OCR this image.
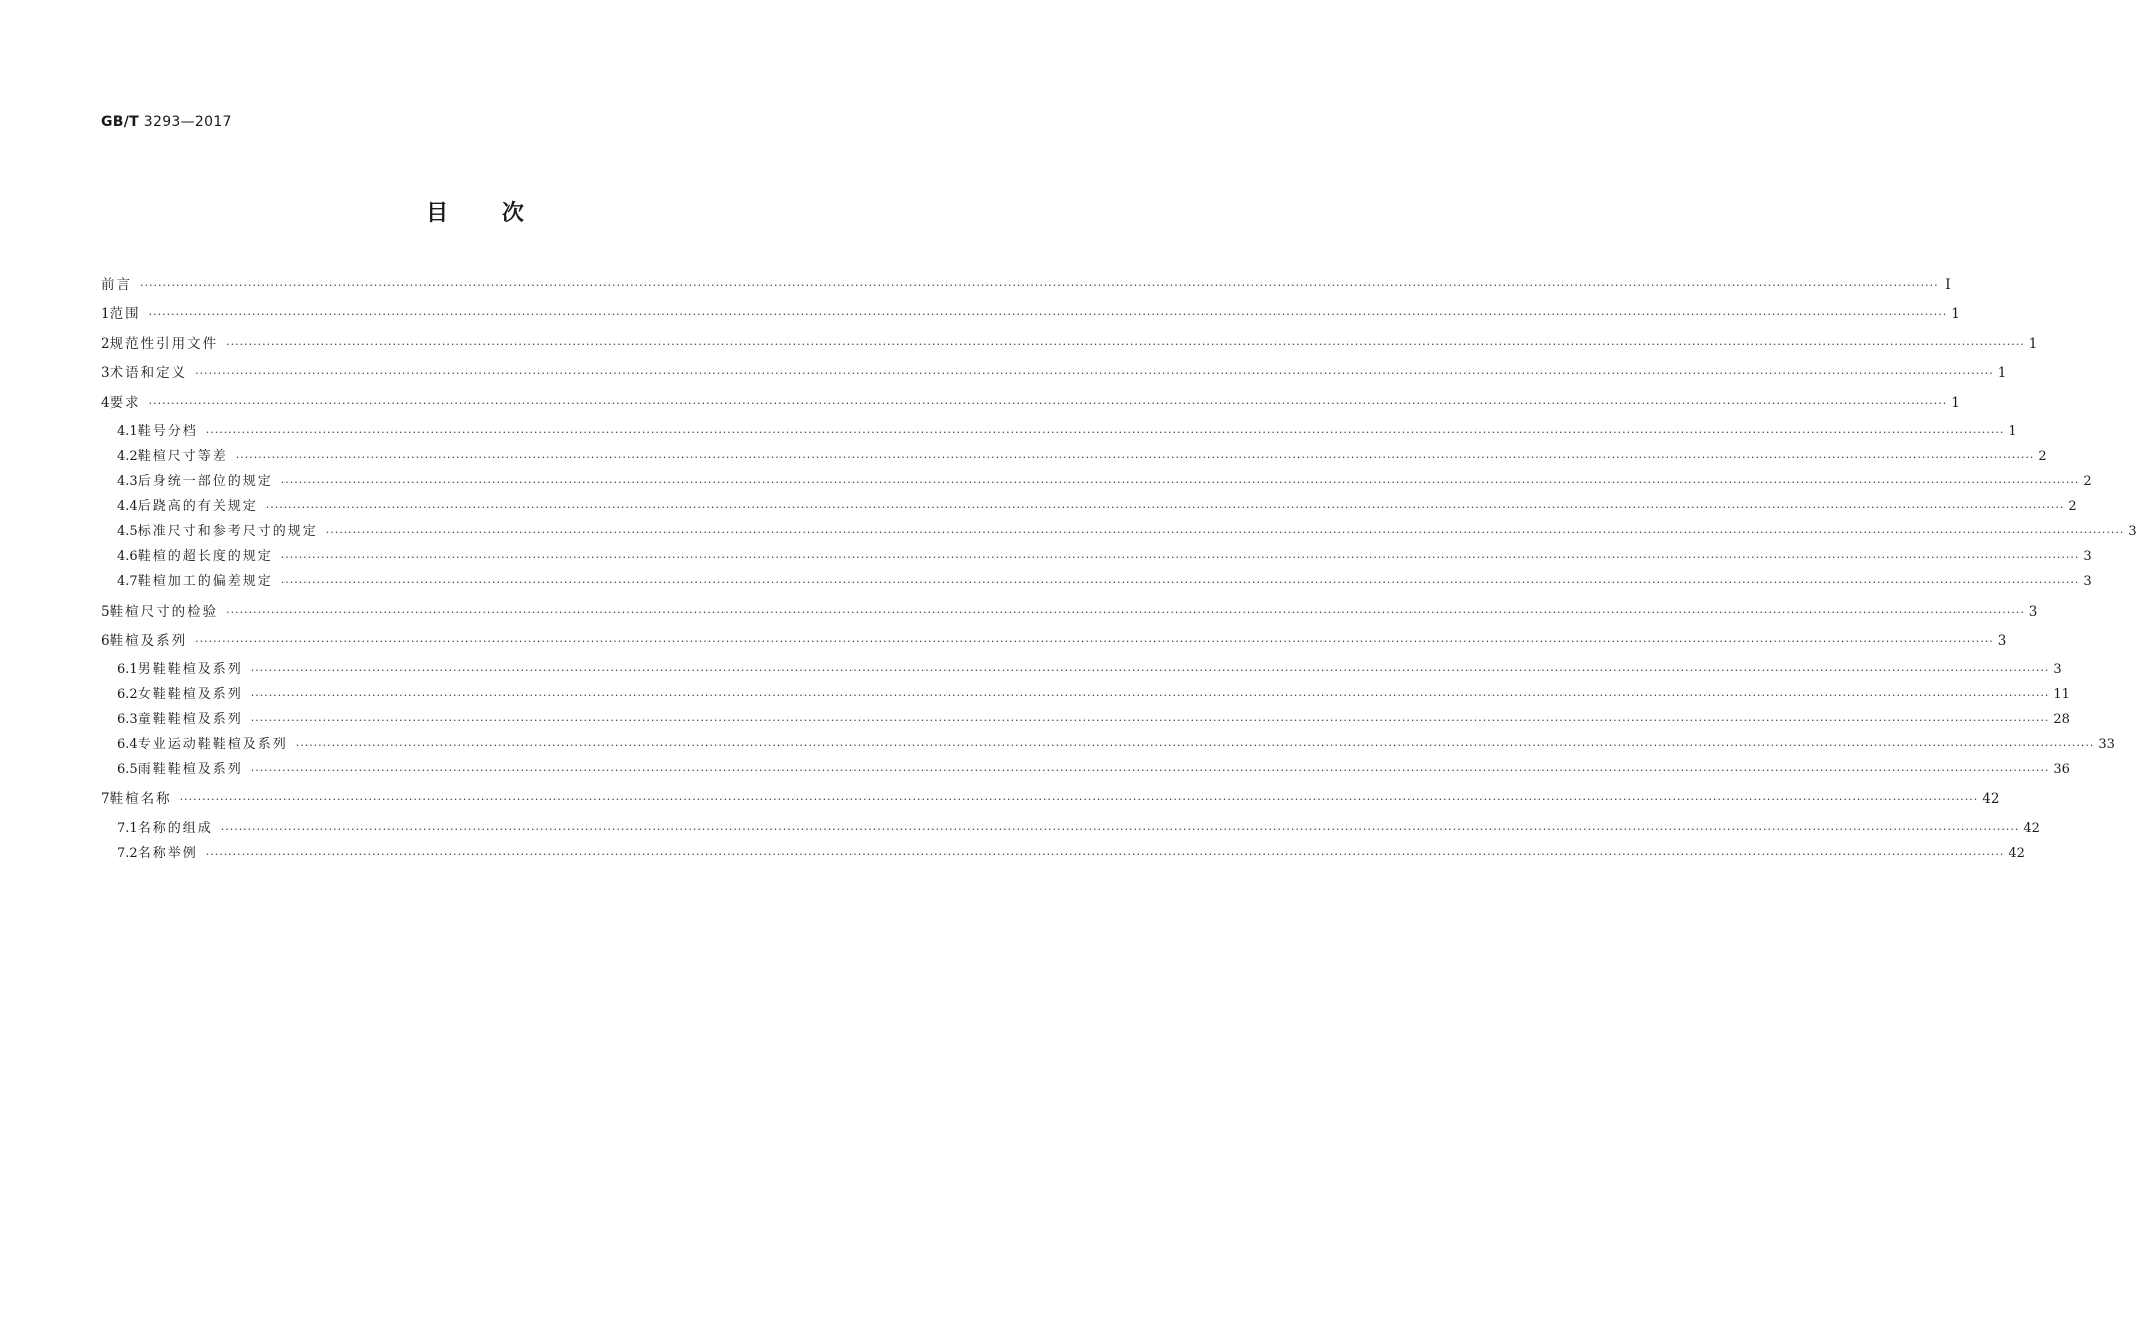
GB/T 3293—2017
目 次
前言 ················································································································································································································································································································································································································ Ⅰ
1 范围 ················································································································································································································································································································································································································ 1
2 规范性引用文件 ················································································································································································································································································································································································································ 1
3 术语和定义 ················································································································································································································································································································································································································ 1
4 要求 ················································································································································································································································································································································································································ 1
4.1 鞋号分档 ················································································································································································································································································································································································································ 1
4.2 鞋楦尺寸等差 ················································································································································································································································································································································································································ 2
4.3 后身统一部位的规定 ················································································································································································································································································································································································································ 2
4.4 后跷高的有关规定 ················································································································································································································································································································································································································ 2
4.5 标准尺寸和参考尺寸的规定 ················································································································································································································································································································································································································ 3
4.6 鞋楦的超长度的规定 ················································································································································································································································································································································································································ 3
4.7 鞋楦加工的偏差规定 ················································································································································································································································································································································································································ 3
5 鞋楦尺寸的检验 ················································································································································································································································································································································································································ 3
6 鞋楦及系列 ················································································································································································································································································································································································································ 3
6.1 男鞋鞋楦及系列 ················································································································································································································································································································································································································ 3
6.2 女鞋鞋楦及系列 ················································································································································································································································································································································································································ 11
6.3 童鞋鞋楦及系列 ················································································································································································································································································································································································································ 28
6.4 专业运动鞋鞋楦及系列 ················································································································································································································································································································································································································ 33
6.5 雨鞋鞋楦及系列 ················································································································································································································································································································································································································ 36
7 鞋楦名称 ················································································································································································································································································································································································································ 42
7.1 名称的组成 ················································································································································································································································································································································································································ 42
7.2 名称举例 ················································································································································································································································································································································································································ 42
